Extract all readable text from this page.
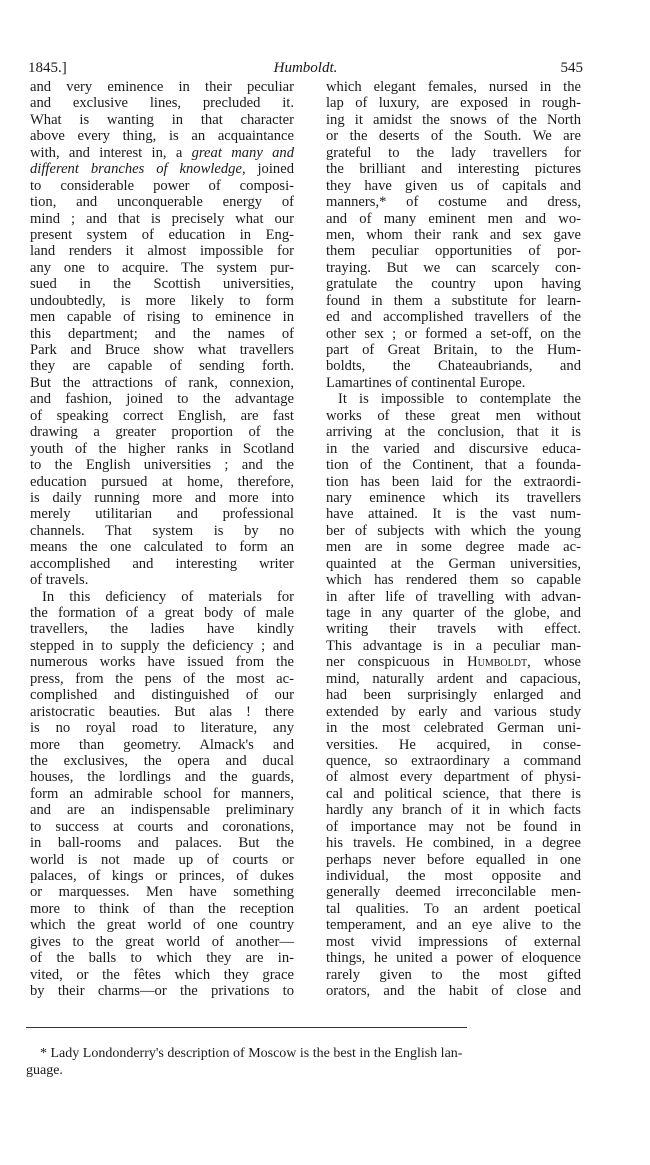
1845.]	Humboldt.	545
and very eminence in their peculiar
and exclusive lines, precluded it.
What is wanting in that character
above every thing, is an acquaintance
with, and interest in, a great many and
different branches of knowledge, joined
to considerable power of composi-
tion, and unconquerable energy of
mind ; and that is precisely what our
present system of education in Eng-
land renders it almost impossible for
any one to acquire. The system pur-
sued in the Scottish universities,
undoubtedly, is more likely to form
men capable of rising to eminence in
this department; and the names of
Park and Bruce show what travellers
they are capable of sending forth.
But the attractions of rank, connexion,
and fashion, joined to the advantage
of speaking correct English, are fast
drawing a greater proportion of the
youth of the higher ranks in Scotland
to the English universities ; and the
education pursued at home, therefore,
is daily running more and more into
merely utilitarian and professional
channels. That system is by no
means the one calculated to form an
accomplished and interesting writer
of travels.
In this deficiency of materials for
the formation of a great body of male
travellers, the ladies have kindly
stepped in to supply the deficiency ; and
numerous works have issued from the
press, from the pens of the most ac-
complished and distinguished of our
aristocratic beauties. But alas ! there
is no royal road to literature, any
more than geometry. Almack's and
the exclusives, the opera and ducal
houses, the lordlings and the guards,
form an admirable school for manners,
and are an indispensable preliminary
to success at courts and coronations,
in ball-rooms and palaces. But the
world is not made up of courts or
palaces, of kings or princes, of dukes
or marquesses. Men have something
more to think of than the reception
which the great world of one country
gives to the great world of another—
of the balls to which they are in-
vited, or the fêtes which they grace
by their charms—or the privations to
which elegant females, nursed in the
lap of luxury, are exposed in rough-
ing it amidst the snows of the North
or the deserts of the South. We are
grateful to the lady travellers for
the brilliant and interesting pictures
they have given us of capitals and
manners,* of costume and dress,
and of many eminent men and wo-
men, whom their rank and sex gave
them peculiar opportunities of por-
traying. But we can scarcely con-
gratulate the country upon having
found in them a substitute for learn-
ed and accomplished travellers of the
other sex ; or formed a set-off, on the
part of Great Britain, to the Hum-
boldts, the Chateaubriands, and
Lamartines of continental Europe.
It is impossible to contemplate the
works of these great men without
arriving at the conclusion, that it is
in the varied and discursive educa-
tion of the Continent, that a founda-
tion has been laid for the extraordi-
nary eminence which its travellers
have attained. It is the vast num-
ber of subjects with which the young
men are in some degree made ac-
quainted at the German universities,
which has rendered them so capable
in after life of travelling with advan-
tage in any quarter of the globe, and
writing their travels with effect.
This advantage is in a peculiar man-
ner conspicuous in Humboldt, whose
mind, naturally ardent and capacious,
had been surprisingly enlarged and
extended by early and various study
in the most celebrated German uni-
versities. He acquired, in conse-
quence, so extraordinary a command
of almost every department of physi-
cal and political science, that there is
hardly any branch of it in which facts
of importance may not be found in
his travels. He combined, in a degree
perhaps never before equalled in one
individual, the most opposite and
generally deemed irreconcilable men-
tal qualities. To an ardent poetical
temperament, and an eye alive to the
most vivid impressions of external
things, he united a power of eloquence
rarely given to the most gifted
orators, and the habit of close and
* Lady Londonderry's description of Moscow is the best in the English lan-
guage.
